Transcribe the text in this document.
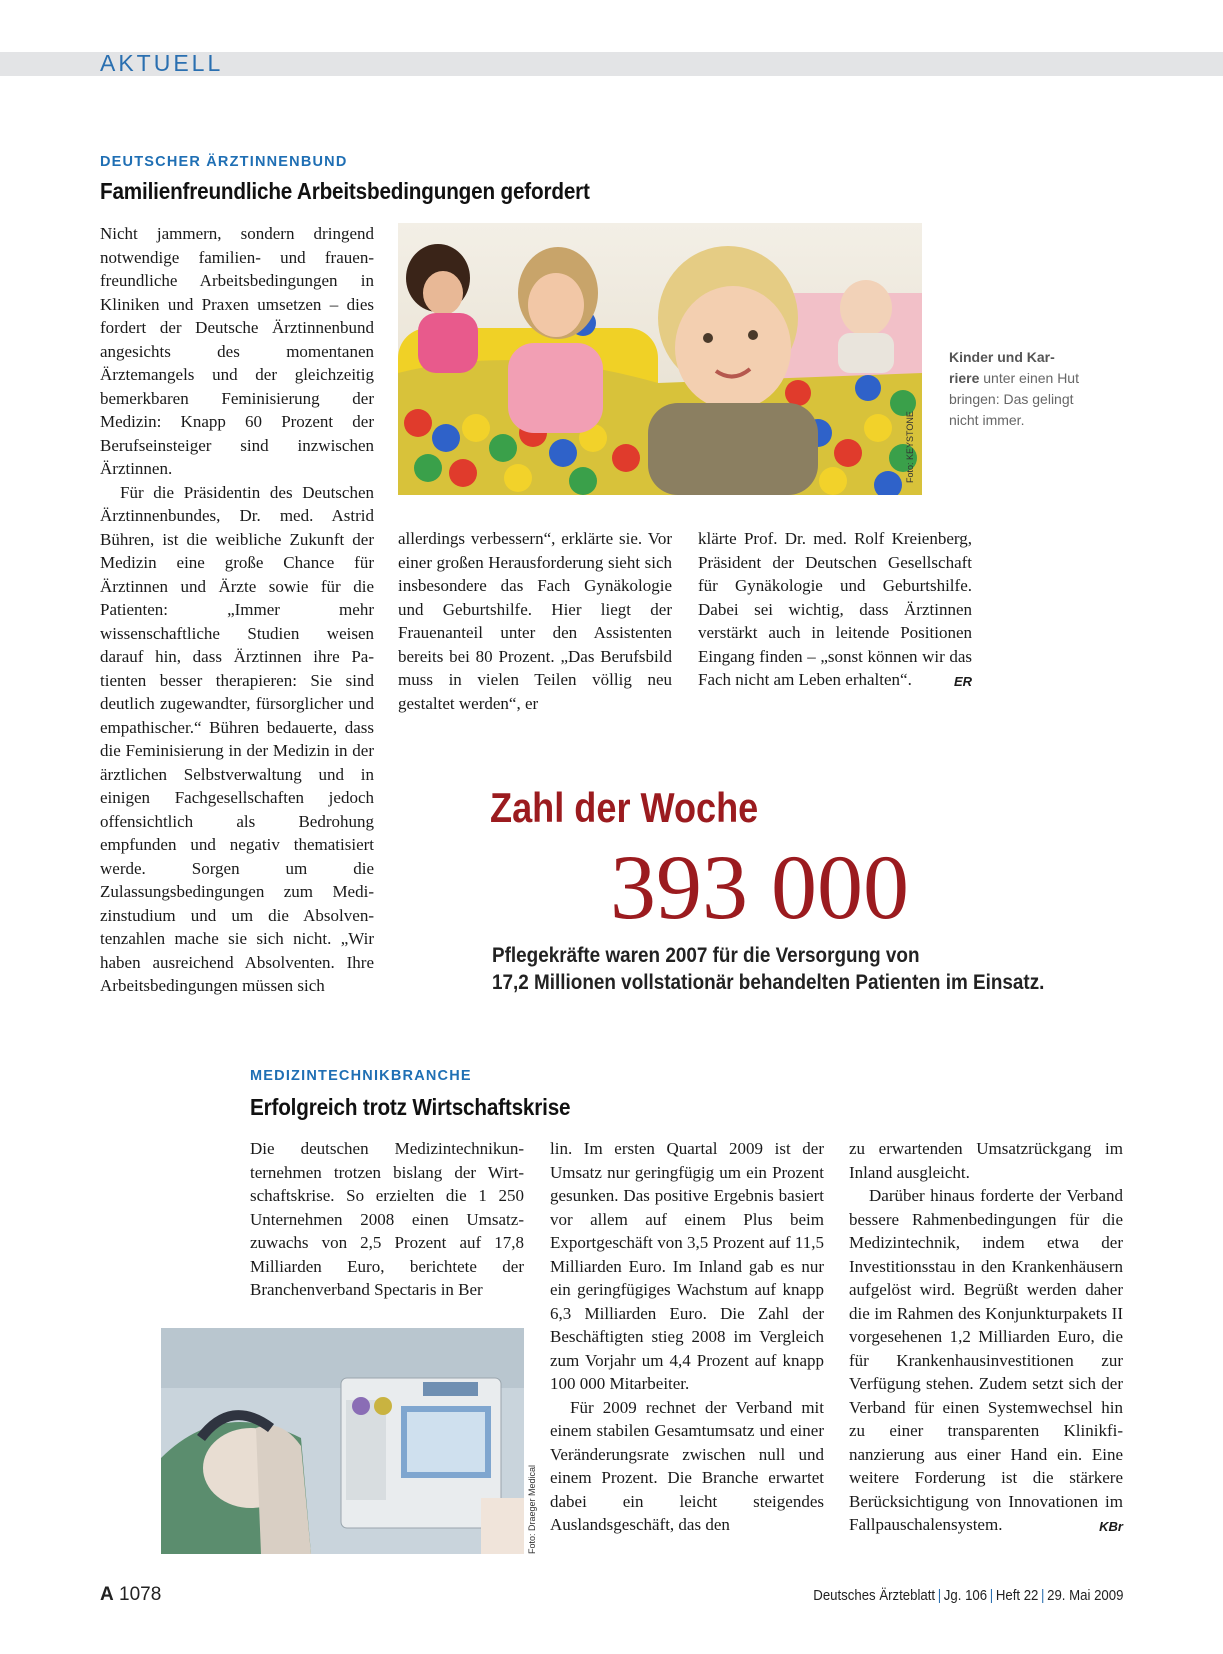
AKTUELL
DEUTSCHER ÄRZTINNENBUND
Familienfreundliche Arbeitsbedingungen gefordert

Nicht jammern, sondern dringend notwendige familien- und frauenfreundliche Arbeitsbedingungen in Kliniken und Praxen umsetzen – dies fordert der Deutsche Ärztinnenbund angesichts des momentanen Ärztemangels und der gleichzeitig bemerkbaren Feminisierung der Medizin: Knapp 60 Prozent der Berufseinsteiger sind inzwischen Ärztinnen.

Für die Präsidentin des Deutschen Ärztinnenbundes, Dr. med. Astrid Bühren, ist die weibliche Zukunft der Medizin eine große Chance für Ärztinnen und Ärzte sowie für die Patienten: „Immer mehr wissenschaftliche Studien weisen darauf hin, dass Ärztinnen ihre Patienten besser therapieren: Sie sind deutlich zugewandter, fürsorglicher und empathischer.“ Bühren bedauerte, dass die Feminisierung in der Medizin in der ärztlichen Selbstverwaltung und in einigen Fachgesellschaften jedoch offensichtlich als Bedrohung empfunden und negativ thematisiert werde. Sorgen um die Zulassungsbedingungen zum Medizinstudium und um die Absolventenzahlen mache sie sich nicht. „Wir haben ausreichend Absolventen. Ihre Arbeitsbedingungen müssen sich

Foto: KEYSTONE
Kinder und Karriere unter einen Hut bringen: Das gelingt nicht immer.

allerdings verbessern“, erklärte sie. Vor einer großen Herausforderung sieht sich insbesondere das Fach Gynäkologie und Geburtshilfe. Hier liegt der Frauenanteil unter den Assistenten bereits bei 80 Prozent. „Das Berufsbild muss in vielen Teilen völlig neu gestaltet werden“, er

klärte Prof. Dr. med. Rolf Kreienberg, Präsident der Deutschen Gesellschaft für Gynäkologie und Geburtshilfe. Dabei sei wichtig, dass Ärztinnen verstärkt auch in leitende Positionen Eingang finden – „sonst können wir das Fach nicht am Leben erhalten“.	ER

Zahl der Woche
393 000
Pflegekräfte waren 2007 für die Versorgung von
17,2 Millionen vollstationär behandelten Patienten im Einsatz.
MEDIZINTECHNIKBRANCHE
Erfolgreich trotz Wirtschaftskrise

Die deutschen Medizintechnikunternehmen trotzen bislang der Wirtschaftskrise. So erzielten die 1 250 Unternehmen 2008 einen Umsatzzuwachs von 2,5 Prozent auf 17,8 Milliarden Euro, berichtete der Branchenverband Spectaris in Ber

Foto: Draeger Medical

lin. Im ersten Quartal 2009 ist der Umsatz nur geringfügig um ein Prozent gesunken. Das positive Ergebnis basiert vor allem auf einem Plus beim Exportgeschäft von 3,5 Prozent auf 11,5 Milliarden Euro. Im Inland gab es nur ein geringfügiges Wachstum auf knapp 6,3 Milliarden Euro. Die Zahl der Beschäftigten stieg 2008 im Vergleich zum Vorjahr um 4,4 Prozent auf knapp 100 000 Mitarbeiter.

Für 2009 rechnet der Verband mit einem stabilen Gesamtumsatz und einer Veränderungsrate zwischen null und einem Prozent. Die Branche erwartet dabei ein leicht steigendes Auslandsgeschäft, das den

zu erwartenden Umsatzrückgang im Inland ausgleicht.

Darüber hinaus forderte der Verband bessere Rahmenbedingungen für die Medizintechnik, indem etwa der Investitionsstau in den Krankenhäusern aufgelöst wird. Begrüßt werden daher die im Rahmen des Konjunkturpakets II vorgesehenen 1,2 Milliarden Euro, die für Krankenhausinvestitionen zur Verfügung stehen. Zudem setzt sich der Verband für einen Systemwechsel hin zu einer transparenten Klinikfinanzierung aus einer Hand ein. Eine weitere Forderung ist die stärkere Berücksichtigung von Innovationen im Fallpauschalensystem.	KBr

A 1078	Deutsches Ärzteblatt | Jg. 106 | Heft 22 | 29. Mai 2009
